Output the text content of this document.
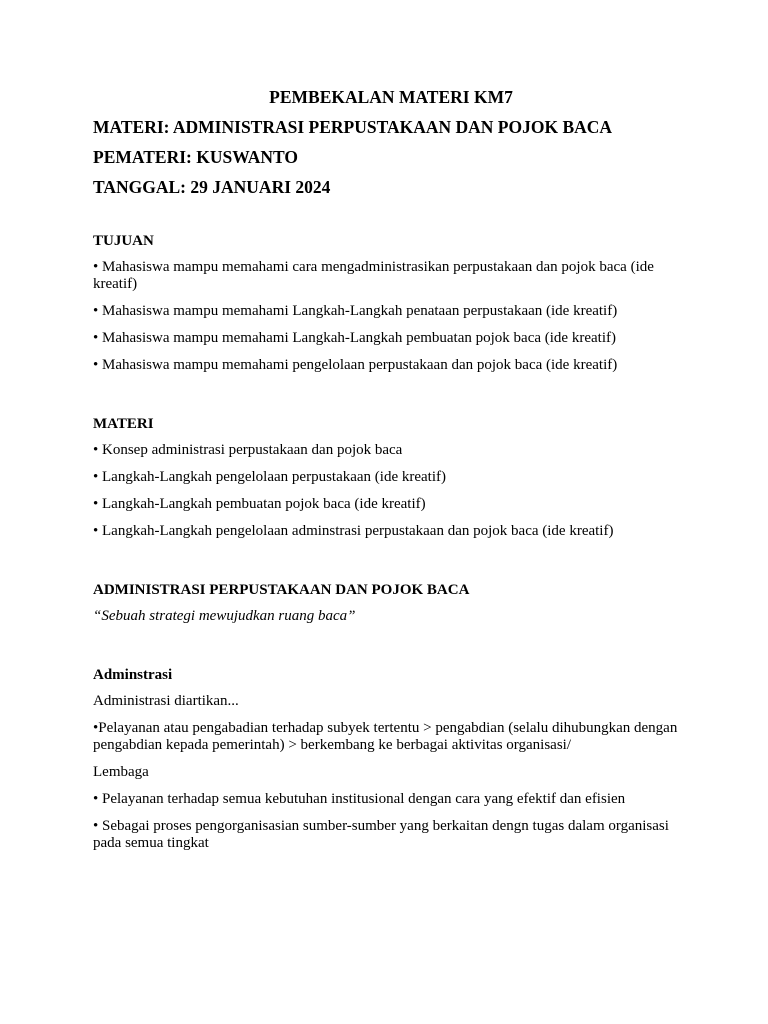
PEMBEKALAN MATERI KM7
MATERI: ADMINISTRASI PERPUSTAKAAN DAN POJOK BACA
PEMATERI: KUSWANTO
TANGGAL: 29 JANUARI 2024
TUJUAN
• Mahasiswa mampu memahami cara mengadministrasikan perpustakaan dan pojok baca (ide kreatif)
• Mahasiswa mampu memahami Langkah-Langkah penataan perpustakaan (ide kreatif)
• Mahasiswa mampu memahami Langkah-Langkah pembuatan pojok baca (ide kreatif)
• Mahasiswa mampu memahami pengelolaan perpustakaan dan pojok baca (ide kreatif)
MATERI
• Konsep administrasi perpustakaan dan pojok baca
• Langkah-Langkah pengelolaan perpustakaan (ide kreatif)
• Langkah-Langkah pembuatan pojok baca (ide kreatif)
• Langkah-Langkah pengelolaan adminstrasi perpustakaan dan pojok baca (ide kreatif)
ADMINISTRASI PERPUSTAKAAN DAN POJOK BACA
“Sebuah strategi mewujudkan ruang baca”
Adminstrasi
Administrasi diartikan...
•Pelayanan atau pengabadian terhadap subyek tertentu > pengabdian (selalu dihubungkan dengan pengabdian kepada pemerintah) > berkembang ke berbagai aktivitas organisasi/
Lembaga
• Pelayanan terhadap semua kebutuhan institusional dengan cara yang efektif dan efisien
• Sebagai proses pengorganisasian sumber-sumber yang berkaitan dengn tugas dalam organisasi pada semua tingkat
